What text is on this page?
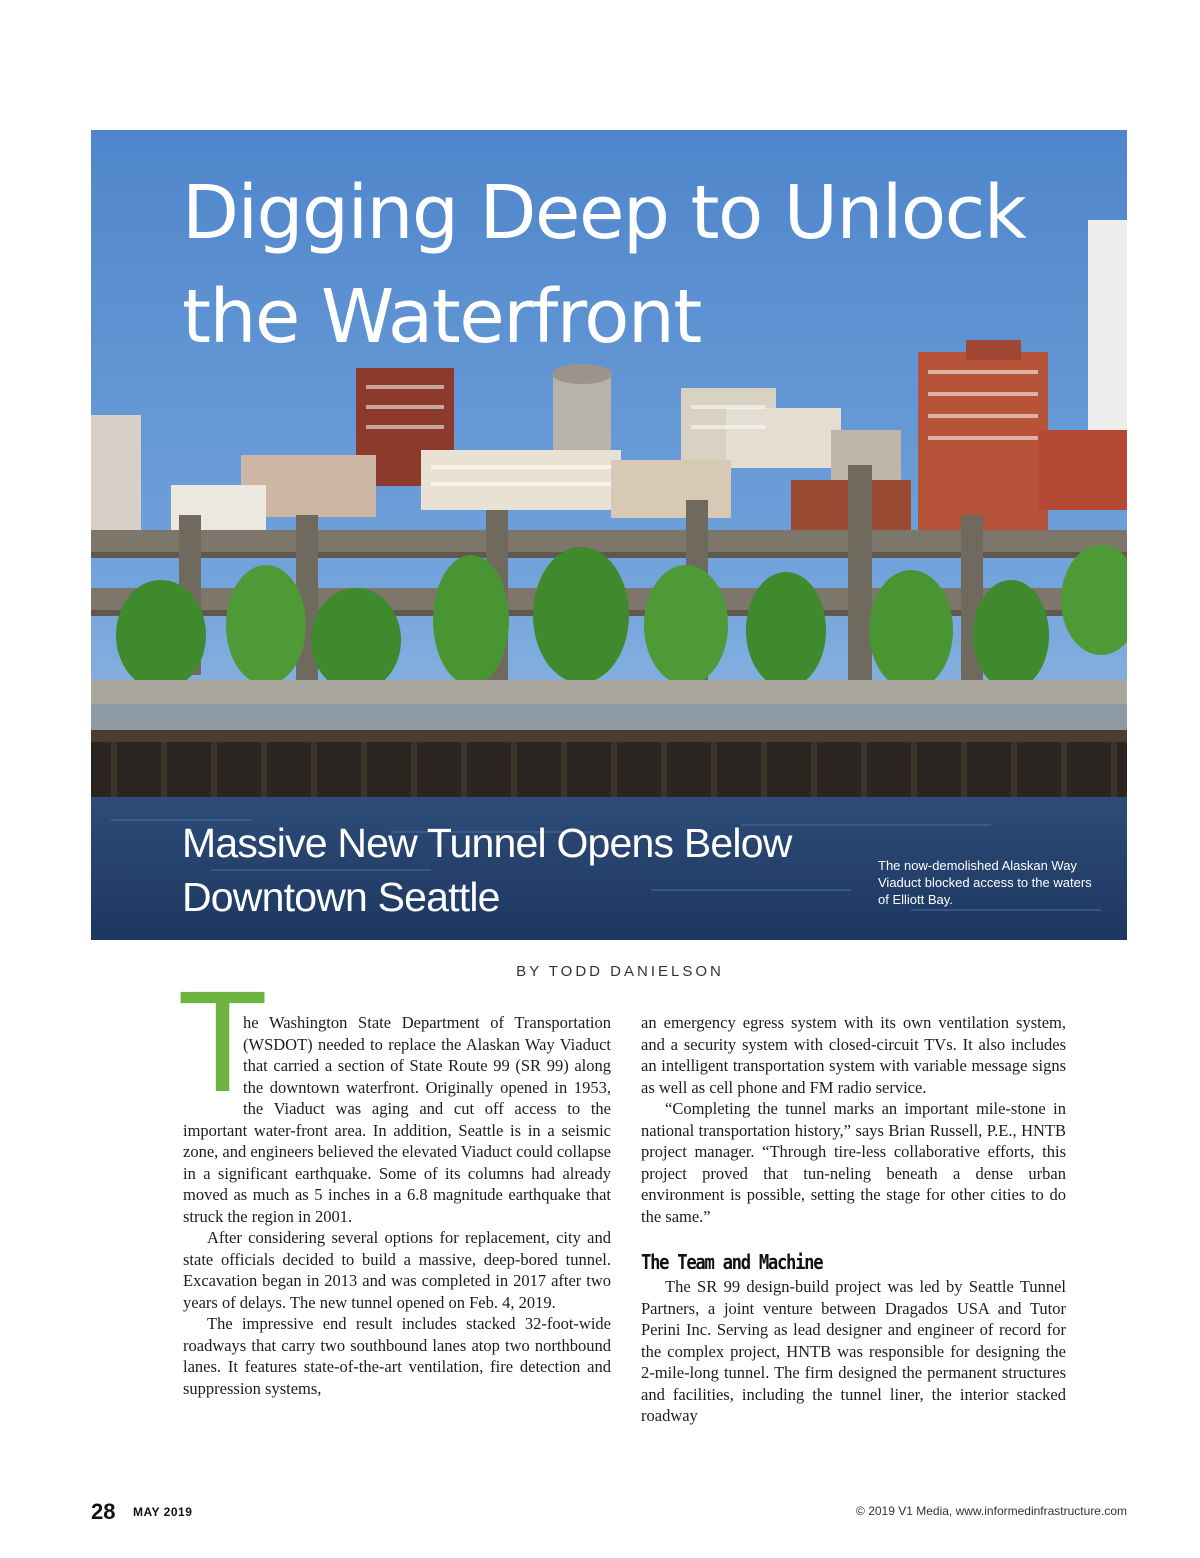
Digging Deep to Unlock the Waterfront
Massive New Tunnel Opens Below Downtown Seattle

The now-demolished Alaskan Way Viaduct blocked access to the waters of Elliott Bay.

BY TODD DANIELSON

T
he Washington State Department of Transportation (WSDOT) needed to replace the Alaskan Way Viaduct that carried a section of State Route 99 (SR 99) along the downtown waterfront. Originally opened in 1953, the Viaduct was aging and cut off access to the important water-front area. In addition, Seattle is in a seismic zone, and engineers believed the elevated Viaduct could collapse in a significant earthquake. Some of its columns had already moved as much as 5 inches in a 6.8 magnitude earthquake that struck the region in 2001.

After considering several options for replacement, city and state officials decided to build a massive, deep-bored tunnel. Excavation began in 2013 and was completed in 2017 after two years of delays. The new tunnel opened on Feb. 4, 2019.

The impressive end result includes stacked 32-foot-wide roadways that carry two southbound lanes atop two northbound lanes. It features state-of-the-art ventilation, fire detection and suppression systems,

an emergency egress system with its own ventilation system, and a security system with closed-circuit TVs. It also includes an intelligent transportation system with variable message signs as well as cell phone and FM radio service.

“Completing the tunnel marks an important mile-stone in national transportation history,” says Brian Russell, P.E., HNTB project manager. “Through tire-less collaborative efforts, this project proved that tun-neling beneath a dense urban environment is possible, setting the stage for other cities to do the same.”

The Team and Machine

The SR 99 design-build project was led by Seattle Tunnel Partners, a joint venture between Dragados USA and Tutor Perini Inc. Serving as lead designer and engineer of record for the complex project, HNTB was responsible for designing the 2-mile-long tunnel. The firm designed the permanent structures and facilities, including the tunnel liner, the interior stacked roadway

28 MAY 2019	© 2019 V1 Media, www.informedinfrastructure.com
